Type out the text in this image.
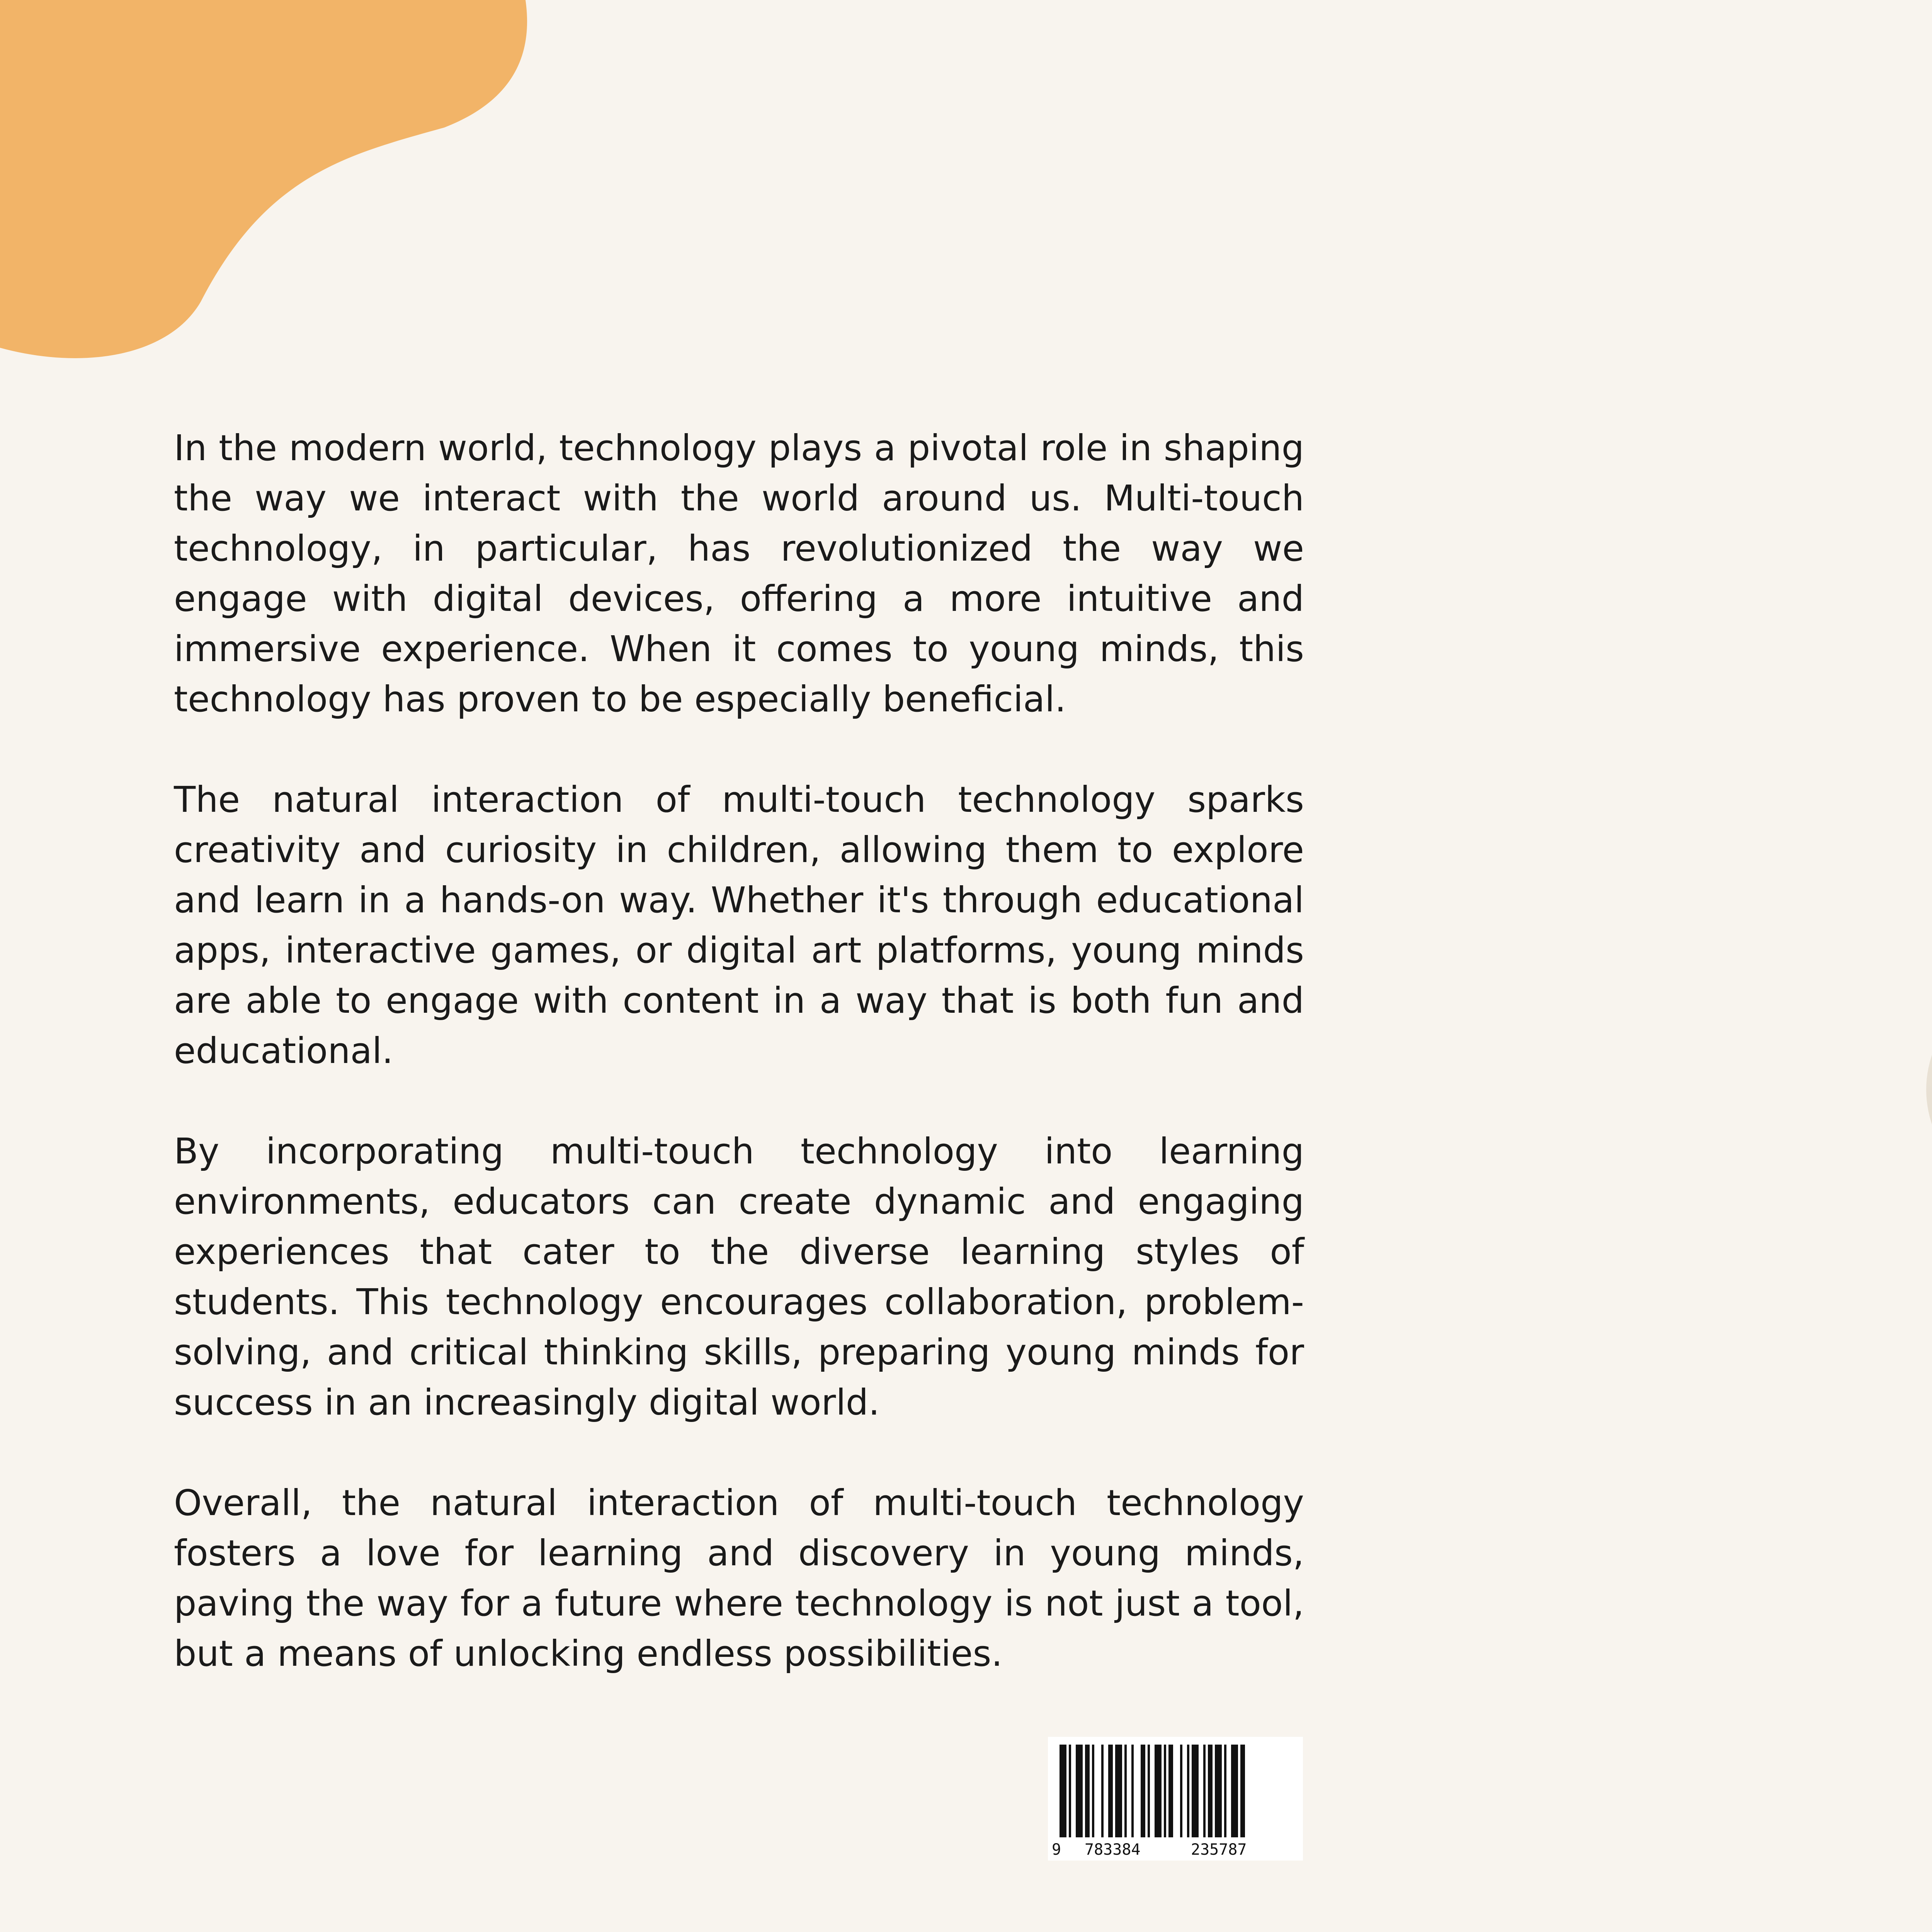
In the modern world, technology plays a pivotal role in shaping the way we interact with the world around us. Multi-touch technology, in particular, has revolutionized the way we engage with digital devices, offering a more intuitive and immersive experience. When it comes to young minds, this technology has proven to be especially beneficial.

The natural interaction of multi-touch technology sparks creativity and curiosity in children, allowing them to explore and learn in a hands-on way. Whether it's through educational apps, interactive games, or digital art platforms, young minds are able to engage with content in a way that is both fun and educational.

By incorporating multi-touch technology into learning environments, educators can create dynamic and engaging experiences that cater to the diverse learning styles of students. This technology encourages collaboration, problem-solving, and critical thinking skills, preparing young minds for success in an increasingly digital world.

Overall, the natural interaction of multi-touch technology fosters a love for learning and discovery in young minds, paving the way for a future where technology is not just a tool, but a means of unlocking endless possibilities.

9 783384	235787
